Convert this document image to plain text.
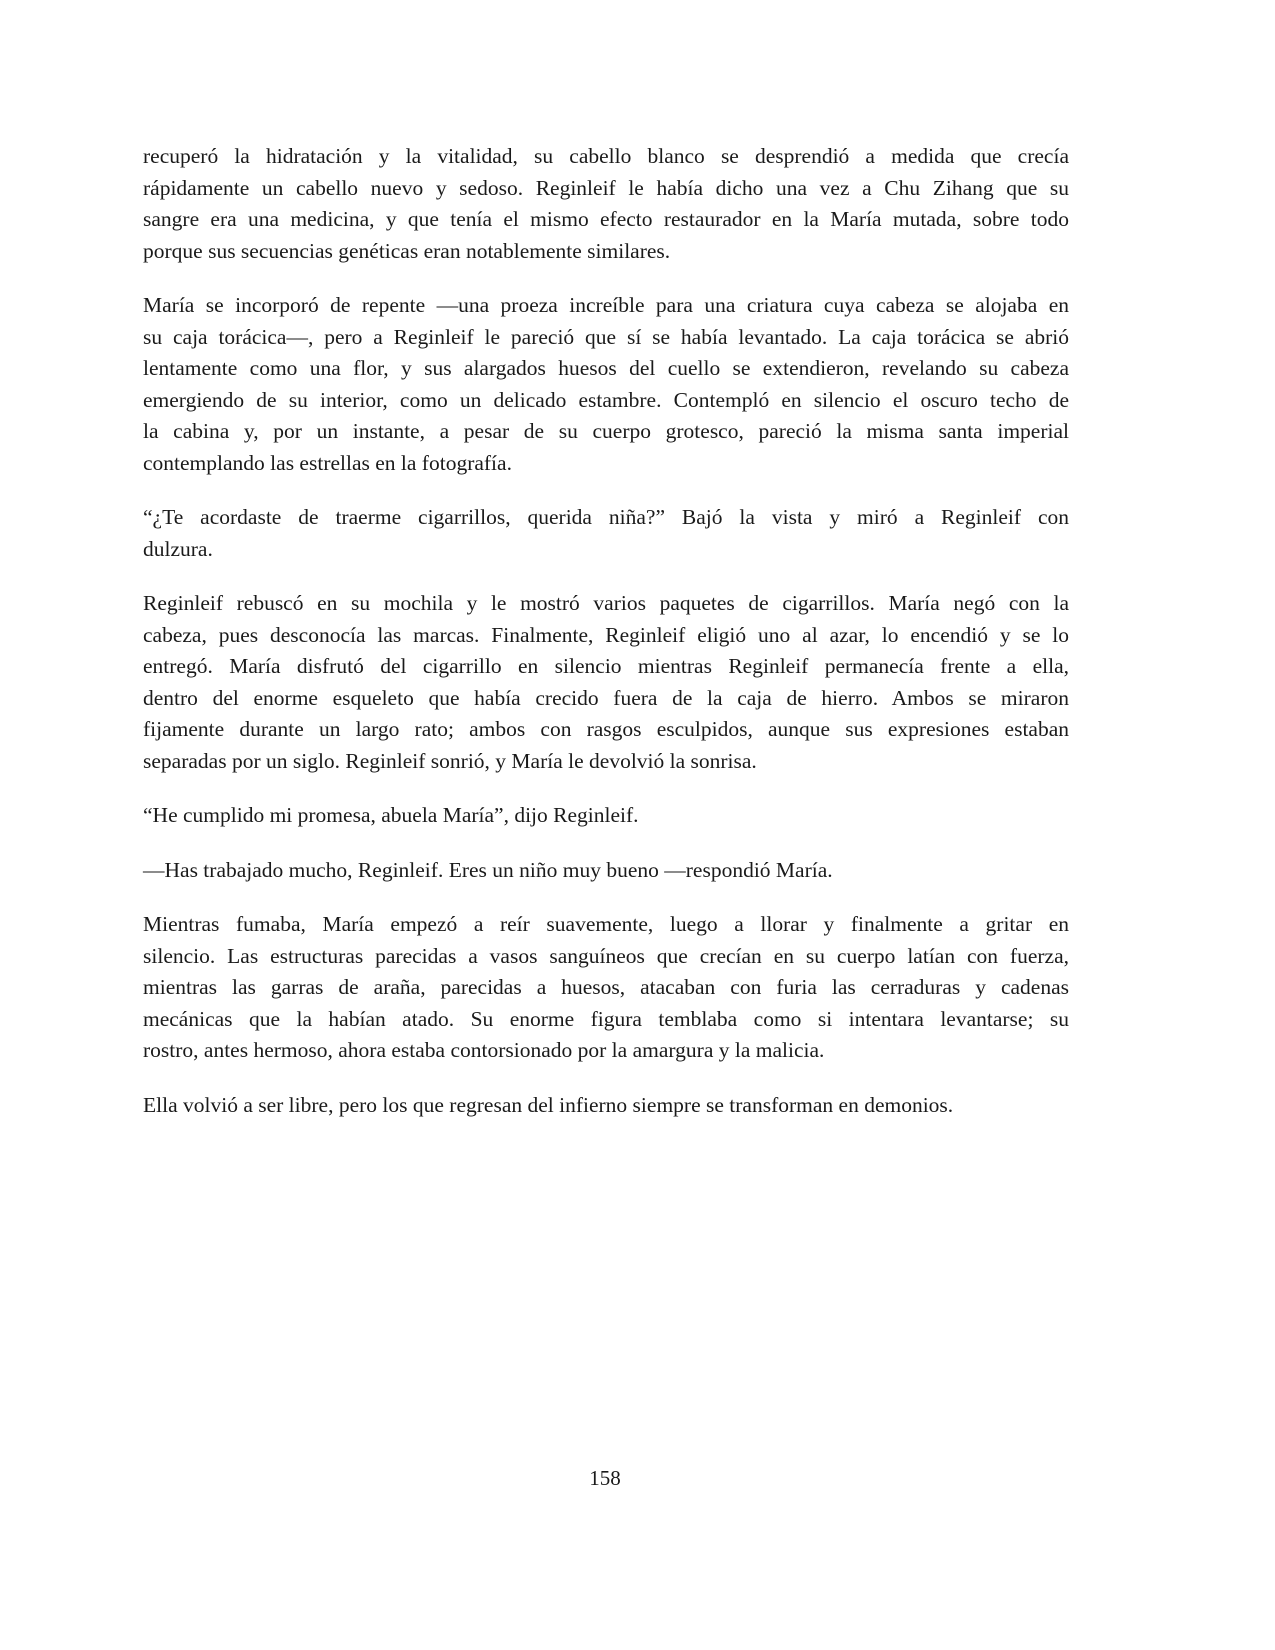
recuperó la hidratación y la vitalidad, su cabello blanco se desprendió a medida que crecía
rápidamente un cabello nuevo y sedoso. Reginleif le había dicho una vez a Chu Zihang que su
sangre era una medicina, y que tenía el mismo efecto restaurador en la María mutada, sobre todo
porque sus secuencias genéticas eran notablemente similares.
María se incorporó de repente —una proeza increíble para una criatura cuya cabeza se alojaba en
su caja torácica—, pero a Reginleif le pareció que sí se había levantado. La caja torácica se abrió
lentamente como una flor, y sus alargados huesos del cuello se extendieron, revelando su cabeza
emergiendo de su interior, como un delicado estambre. Contempló en silencio el oscuro techo de
la cabina y, por un instante, a pesar de su cuerpo grotesco, pareció la misma santa imperial
contemplando las estrellas en la fotografía.
“¿Te acordaste de traerme cigarrillos, querida niña?” Bajó la vista y miró a Reginleif con
dulzura.
Reginleif rebuscó en su mochila y le mostró varios paquetes de cigarrillos. María negó con la
cabeza, pues desconocía las marcas. Finalmente, Reginleif eligió uno al azar, lo encendió y se lo
entregó. María disfrutó del cigarrillo en silencio mientras Reginleif permanecía frente a ella,
dentro del enorme esqueleto que había crecido fuera de la caja de hierro. Ambos se miraron
fijamente durante un largo rato; ambos con rasgos esculpidos, aunque sus expresiones estaban
separadas por un siglo. Reginleif sonrió, y María le devolvió la sonrisa.
“He cumplido mi promesa, abuela María”, dijo Reginleif.
—Has trabajado mucho, Reginleif. Eres un niño muy bueno —respondió María.
Mientras fumaba, María empezó a reír suavemente, luego a llorar y finalmente a gritar en
silencio. Las estructuras parecidas a vasos sanguíneos que crecían en su cuerpo latían con fuerza,
mientras las garras de araña, parecidas a huesos, atacaban con furia las cerraduras y cadenas
mecánicas que la habían atado. Su enorme figura temblaba como si intentara levantarse; su
rostro, antes hermoso, ahora estaba contorsionado por la amargura y la malicia.
Ella volvió a ser libre, pero los que regresan del infierno siempre se transforman en demonios.
158
